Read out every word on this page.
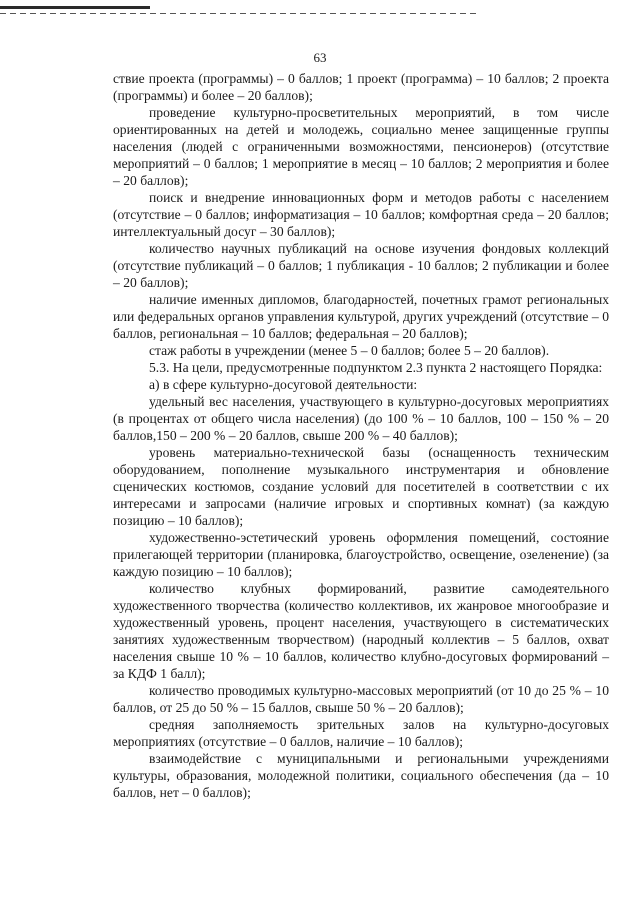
63

ствие проекта (программы) – 0 баллов; 1 проект (программа) – 10 баллов; 2 проекта (программы) и более – 20 баллов);

проведение культурно-просветительных мероприятий, в том числе ориентированных на детей и молодежь, социально менее защищенные группы населения (людей с ограниченными возможностями, пенсионеров) (отсутствие мероприятий – 0 баллов; 1 мероприятие в месяц – 10 баллов; 2 мероприятия и более – 20 баллов);

поиск и внедрение инновационных форм и методов работы с населением (отсутствие – 0 баллов; информатизация – 10 баллов; комфортная среда – 20 баллов; интеллектуальный досуг – 30 баллов);

количество научных публикаций на основе изучения фондовых коллекций (отсутствие публикаций – 0 баллов; 1 публикация - 10 баллов; 2 публикации и более – 20 баллов);

наличие именных дипломов, благодарностей, почетных грамот региональных или федеральных органов управления культурой, других учреждений (отсутствие – 0 баллов, региональная – 10 баллов; федеральная – 20 баллов);

стаж работы в учреждении (менее 5 – 0 баллов; более 5 – 20 баллов).

5.3. На цели, предусмотренные подпунктом 2.3 пункта 2 настоящего Порядка:

а) в сфере культурно-досуговой деятельности:

удельный вес населения, участвующего в культурно-досуговых мероприятиях (в процентах от общего числа населения) (до 100 % – 10 баллов, 100 – 150 % – 20 баллов,150 – 200 % – 20 баллов, свыше 200 % – 40 баллов);

уровень материально-технической базы (оснащенность техническим оборудованием, пополнение музыкального инструментария и обновление сценических костюмов, создание условий для посетителей в соответствии с их интересами и запросами (наличие игровых и спортивных комнат) (за каждую позицию – 10 баллов);

художественно-эстетический уровень оформления помещений, состояние прилегающей территории (планировка, благоустройство, освещение, озеленение) (за каждую позицию – 10 баллов);

количество клубных формирований, развитие самодеятельного художественного творчества (количество коллективов, их жанровое многообразие и художественный уровень, процент населения, участвующего в систематических занятиях художественным творчеством) (народный коллектив – 5 баллов, охват населения свыше 10 % – 10 баллов, количество клубно-досуговых формирований – за КДФ 1 балл);

количество проводимых культурно-массовых мероприятий (от 10 до 25 % – 10 баллов, от 25 до 50 % – 15 баллов, свыше 50 % – 20 баллов);

средняя заполняемость зрительных залов на культурно-досуговых мероприятиях (отсутствие – 0 баллов, наличие – 10 баллов);

взаимодействие с муниципальными и региональными учреждениями культуры, образования, молодежной политики, социального обеспечения (да – 10 баллов, нет – 0 баллов);
